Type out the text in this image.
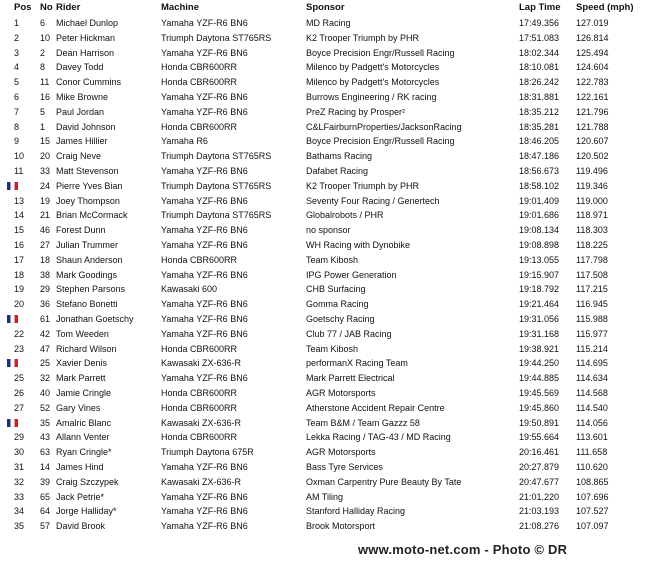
Pos	No	Rider	Machine	Sponsor	Lap Time	Speed (mph)
1	6	Michael Dunlop	Yamaha YZF-R6 BN6	MD Racing	17:49.356	127.019
2	10	Peter Hickman	Triumph Daytona ST765RS	K2 Trooper Triumph by PHR	17:51.083	126.814
3	2	Dean Harrison	Yamaha YZF-R6 BN6	Boyce Precision Engr/Russell Racing	18:02.344	125.494
4	8	Davey Todd	Honda CBR600RR	Milenco by Padgett's Motorcycles	18:10.081	124.604
5	11	Conor Cummins	Honda CBR600RR	Milenco by Padgett's Motorcycles	18:26.242	122.783
6	16	Mike Browne	Yamaha YZF-R6 BN6	Burrows Engineering / RK racing	18:31.881	122.161
7	5	Paul Jordan	Yamaha YZF-R6 BN6	PreZ Racing by Prosper²	18:35.212	121.796
8	1	David Johnson	Honda CBR600RR	C&LFairburnProperties/JacksonRacing	18:35.281	121.788
9	15	James Hillier	Yamaha R6	Boyce Precision Engr/Russell Racing	18:46.205	120.607
10	20	Craig Neve	Triumph Daytona ST765RS	Bathams Racing	18:47.186	120.502
11	33	Matt Stevenson	Yamaha YZF-R6 BN6	Dafabet Racing	18:56.673	119.496

	24	Pierre Yves Bian	Triumph Daytona ST765RS	K2 Trooper Triumph by PHR	18:58.102	119.346
13	19	Joey Thompson	Yamaha YZF-R6 BN6	Seventy Four Racing / Genertech	19:01.409	119.000
14	21	Brian McCormack	Triumph Daytona ST765RS	Globalrobots / PHR	19:01.686	118.971
15	46	Forest Dunn	Yamaha YZF-R6 BN6	no sponsor	19:08.134	118.303
16	27	Julian Trummer	Yamaha YZF-R6 BN6	WH Racing with Dynobike	19:08.898	118.225
17	18	Shaun Anderson	Honda CBR600RR	Team Kibosh	19:13.055	117.798
18	38	Mark Goodings	Yamaha YZF-R6 BN6	IPG Power Generation	19:15.907	117.508
19	29	Stephen Parsons	Kawasaki 600	CHB Surfacing	19:18.792	117.215
20	36	Stefano Bonetti	Yamaha YZF-R6 BN6	Gomma Racing	19:21.464	116.945

	61	Jonathan Goetschy	Yamaha YZF-R6 BN6	Goetschy Racing	19:31.056	115.988
22	42	Tom Weeden	Yamaha YZF-R6 BN6	Club 77 / JAB Racing	19:31.168	115.977
23	47	Richard Wilson	Honda CBR600RR	Team Kibosh	19:38.921	115.214

	25	Xavier Denis	Kawasaki ZX-636-R	performanX Racing Team	19:44.250	114.695
25	32	Mark Parrett	Yamaha YZF-R6 BN6	Mark Parrett Electrical	19:44.885	114.634
26	40	Jamie Cringle	Honda CBR600RR	AGR Motorsports	19:45.569	114.568
27	52	Gary Vines	Honda CBR600RR	Atherstone Accident Repair Centre	19:45.860	114.540

	35	Amalric Blanc	Kawasaki ZX-636-R	Team B&M / Team Gazzz 58	19:50.891	114.056
29	43	Allann Venter	Honda CBR600RR	Lekka Racing / TAG-43 / MD Racing	19:55.664	113.601
30	63	Ryan Cringle*	Triumph Daytona 675R	AGR Motorsports	20:16.461	111.658
31	14	James Hind	Yamaha YZF-R6 BN6	Bass Tyre Services	20:27.879	110.620
32	39	Craig Szczypek	Kawasaki ZX-636-R	Oxman Carpentry Pure Beauty By Tate	20:47.677	108.865
33	65	Jack Petrie*	Yamaha YZF-R6 BN6	AM Tiling	21:01.220	107.696
34	64	Jorge Halliday*	Yamaha YZF-R6 BN6	Stanford Halliday Racing	21:03.193	107.527
35	57	David Brook	Yamaha YZF-R6 BN6	Brook Motorsport	21:08.276	107.097
www.moto-net.com - Photo © DR
